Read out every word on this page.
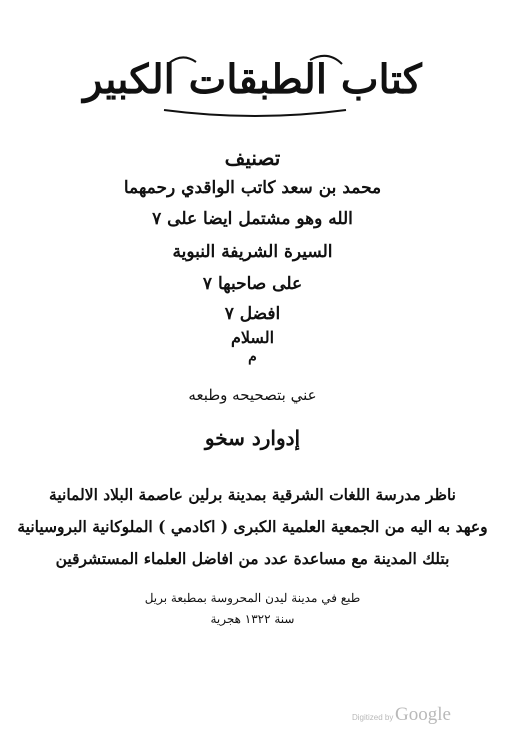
كتاب الطبقات الكبير
تصنيف
محمد بن سعد كاتب الواقدي رحمهما
الله وهو مشتمل ايضا على ٧
السيرة الشريفة النبوية
على صاحبها ٧
افضل ٧
السلام
م
عني بتصحيحه وطبعه
إدوارد سخو
ناظر مدرسة اللغات الشرقية بمدينة برلين عاصمة البلاد الالمانية
وعهد به اليه من الجمعية العلمية الكبرى ( اكادمي ) الملوكانية البروسيانية
بتلك المدينة مع مساعدة عدد من افاضل العلماء المستشرقين
طبع في مدينة ليدن المحروسة بمطبعة بريل
سنة ١٣٢٢ هجرية
Digitized by Google
